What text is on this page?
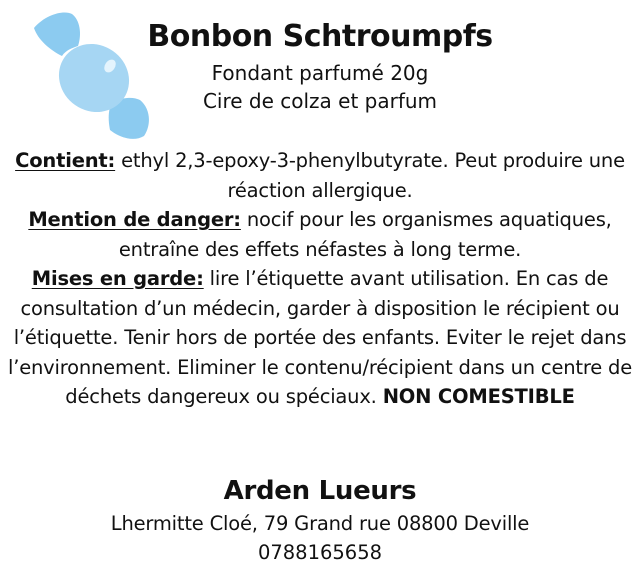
Bonbon Schtroumpfs
Fondant parfumé 20g
Cire de colza et parfum

Contient: ethyl 2,3-epoxy-3-phenylbutyrate. Peut produire une réaction allergique.

Mention de danger: nocif pour les organismes aquatiques, entraîne des effets néfastes à long terme.

Mises en garde: lire l’étiquette avant utilisation. En cas de consultation d’un médecin, garder à disposition le récipient ou l’étiquette. Tenir hors de portée des enfants. Eviter le rejet dans l’environnement. Eliminer le contenu/récipient dans un centre de déchets dangereux ou spéciaux. NON COMESTIBLE

Arden Lueurs
Lhermitte Cloé, 79 Grand rue 08800 Deville
0788165658
